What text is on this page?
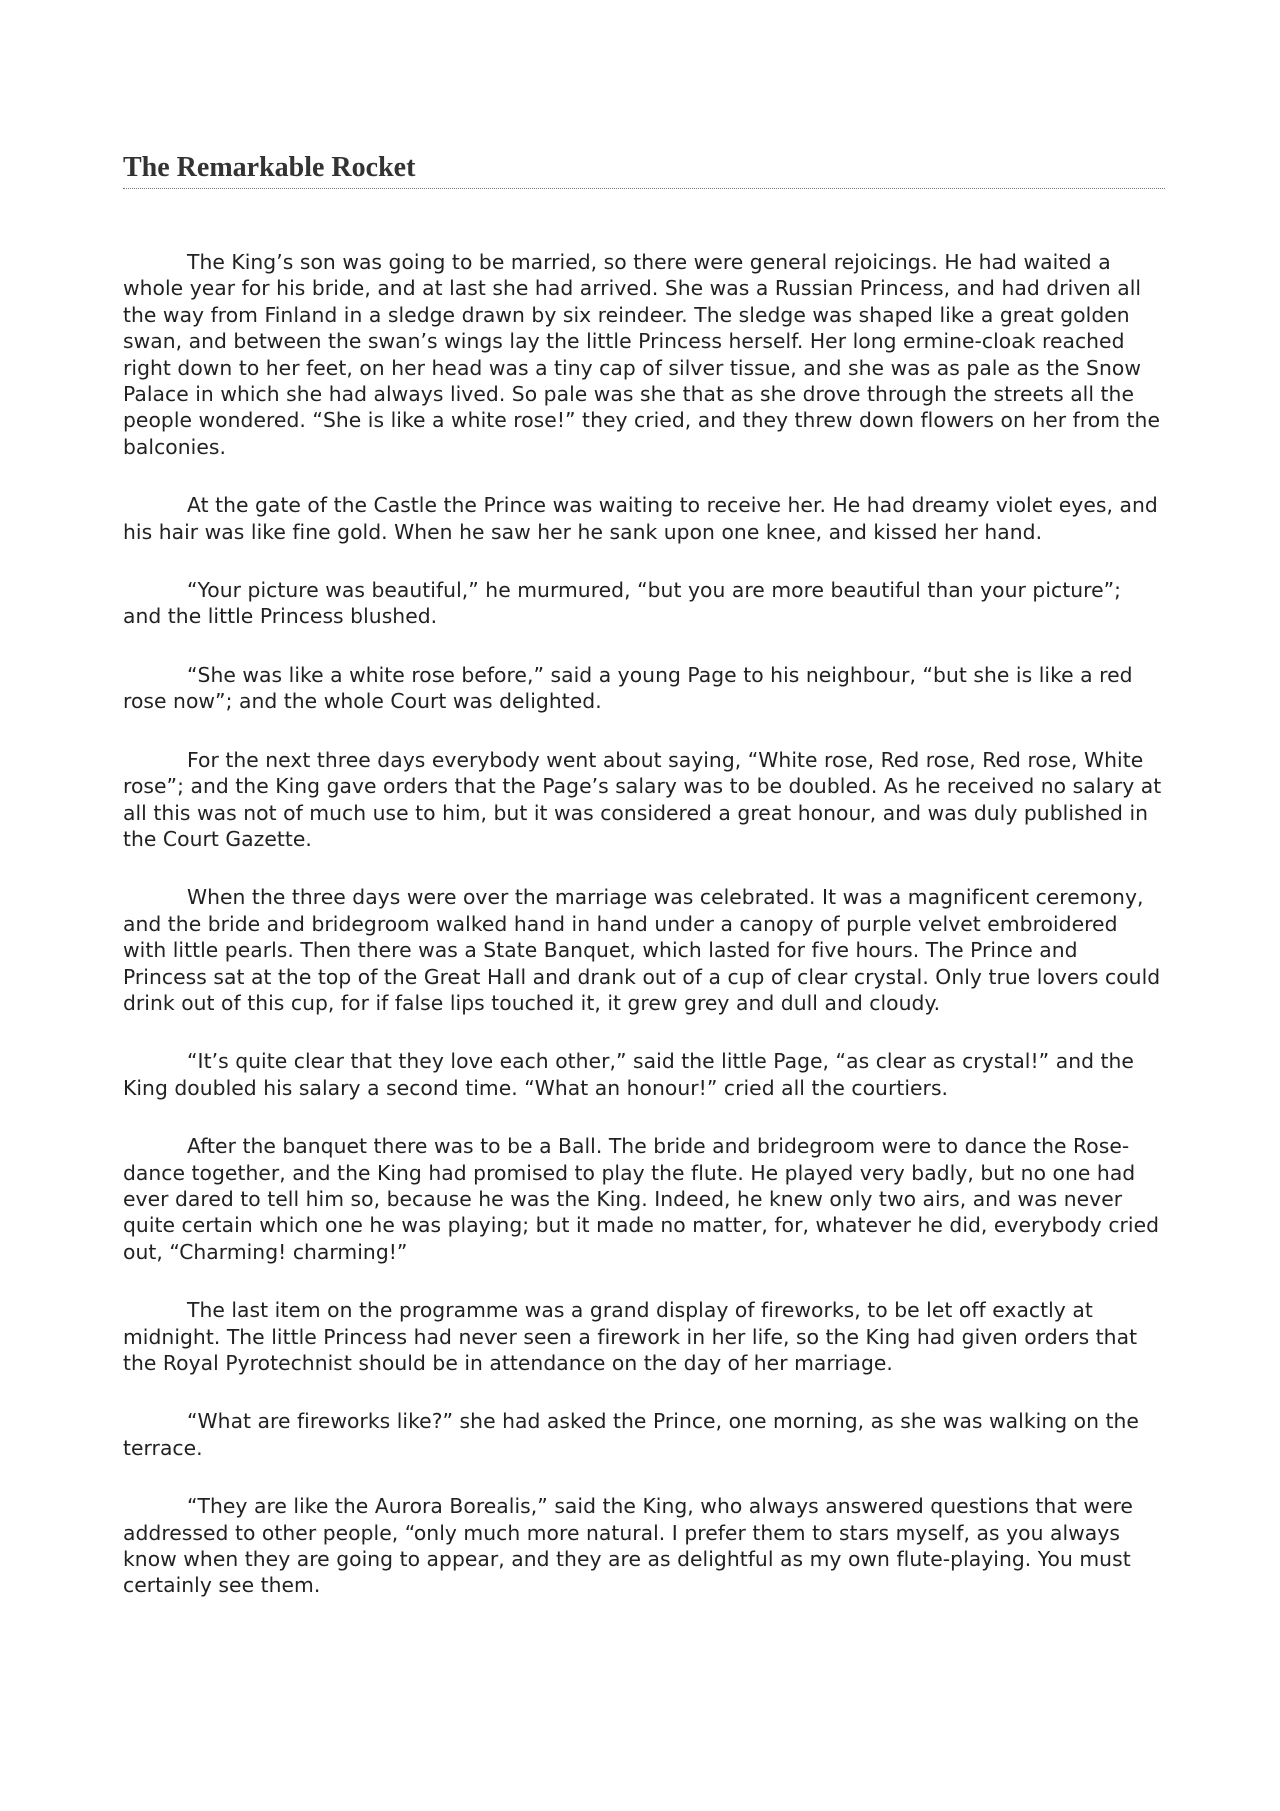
The Remarkable Rocket

The King’s son was going to be married, so there were general rejoicings. He had waited a whole year for his bride, and at last she had arrived. She was a Russian Princess, and had driven all the way from Finland in a sledge drawn by six reindeer. The sledge was shaped like a great golden swan, and between the swan’s wings lay the little Princess herself. Her long ermine-cloak reached right down to her feet, on her head was a tiny cap of silver tissue, and she was as pale as the Snow Palace in which she had always lived. So pale was she that as she drove through the streets all the people wondered. “She is like a white rose!” they cried, and they threw down flowers on her from the balconies.

At the gate of the Castle the Prince was waiting to receive her. He had dreamy violet eyes, and his hair was like fine gold. When he saw her he sank upon one knee, and kissed her hand.

“Your picture was beautiful,” he murmured, “but you are more beautiful than your picture”; and the little Princess blushed.

“She was like a white rose before,” said a young Page to his neighbour, “but she is like a red rose now”; and the whole Court was delighted.

For the next three days everybody went about saying, “White rose, Red rose, Red rose, White rose”; and the King gave orders that the Page’s salary was to be doubled. As he received no salary at all this was not of much use to him, but it was considered a great honour, and was duly published in the Court Gazette.

When the three days were over the marriage was celebrated. It was a magnificent ceremony, and the bride and bridegroom walked hand in hand under a canopy of purple velvet embroidered with little pearls. Then there was a State Banquet, which lasted for five hours. The Prince and Princess sat at the top of the Great Hall and drank out of a cup of clear crystal. Only true lovers could drink out of this cup, for if false lips touched it, it grew grey and dull and cloudy.

“It’s quite clear that they love each other,” said the little Page, “as clear as crystal!” and the King doubled his salary a second time. “What an honour!” cried all the courtiers.

After the banquet there was to be a Ball. The bride and bridegroom were to dance the Rose-dance together, and the King had promised to play the flute. He played very badly, but no one had ever dared to tell him so, because he was the King. Indeed, he knew only two airs, and was never quite certain which one he was playing; but it made no matter, for, whatever he did, everybody cried out, “Charming! charming!”

The last item on the programme was a grand display of fireworks, to be let off exactly at midnight. The little Princess had never seen a firework in her life, so the King had given orders that the Royal Pyrotechnist should be in attendance on the day of her marriage.

“What are fireworks like?” she had asked the Prince, one morning, as she was walking on the terrace.

“They are like the Aurora Borealis,” said the King, who always answered questions that were addressed to other people, “only much more natural. I prefer them to stars myself, as you always know when they are going to appear, and they are as delightful as my own flute-playing. You must certainly see them.
